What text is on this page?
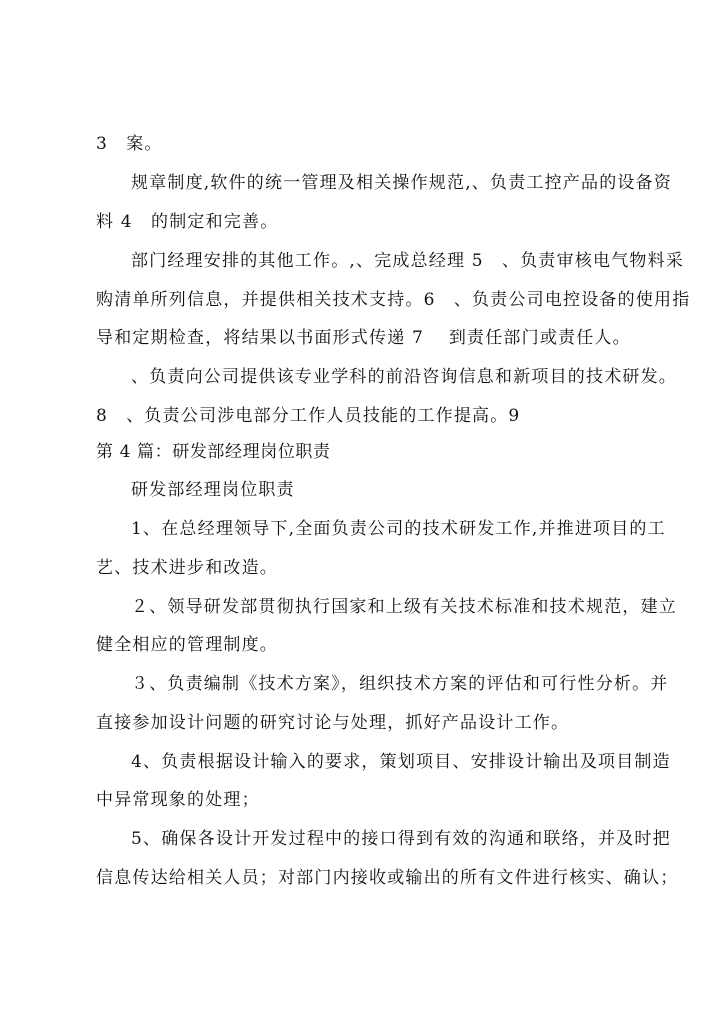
3　案。
规章制度,软件的统一管理及相关操作规范,、负责工控产品的设备资
料 4　的制定和完善。
部门经理安排的其他工作。,、完成总经理 5　、负责审核电气物料采
购清单所列信息，并提供相关技术支持。6　、负责公司电控设备的使用指
导和定期检查，将结果以书面形式传递 7　 到责任部门或责任人。
、负责向公司提供该专业学科的前沿咨询信息和新项目的技术研发。
8　、负责公司涉电部分工作人员技能的工作提高。9
第 4 篇：研发部经理岗位职责
研发部经理岗位职责
1、在总经理领导下,全面负责公司的技术研发工作,并推进项目的工
艺、技术进步和改造。
２、领导研发部贯彻执行国家和上级有关技术标准和技术规范，建立
健全相应的管理制度。
３、负责编制《技术方案》，组织技术方案的评估和可行性分析。并
直接参加设计问题的研究讨论与处理，抓好产品设计工作。
4、负责根据设计输入的要求，策划项目、安排设计输出及项目制造
中异常现象的处理；
5、确保各设计开发过程中的接口得到有效的沟通和联络，并及时把
信息传达给相关人员；对部门内接收或输出的所有文件进行核实、确认；
